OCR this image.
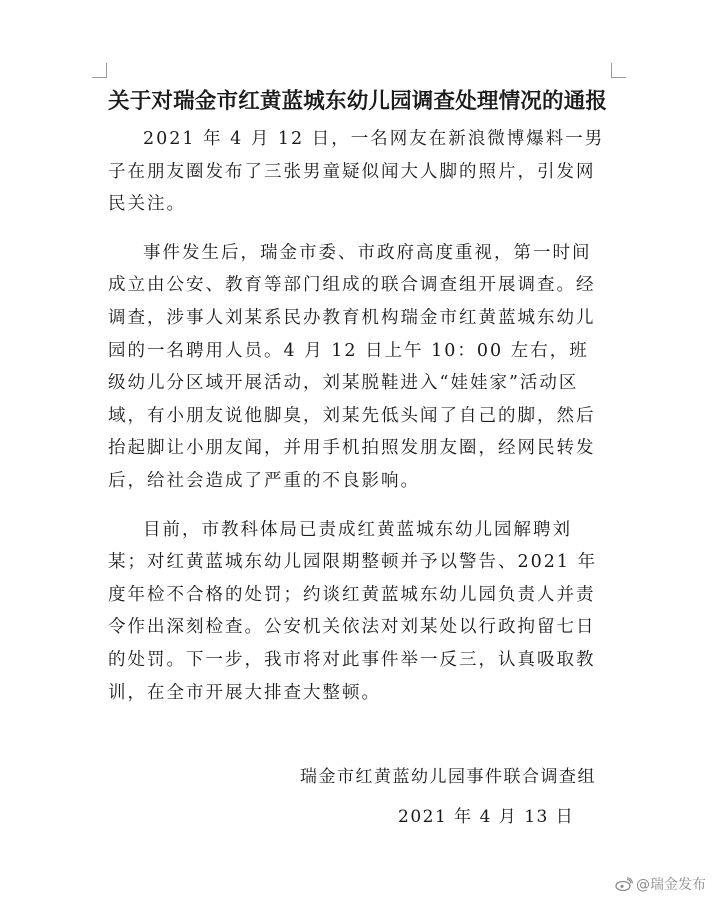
关于对瑞金市红黄蓝城东幼儿园调查处理情况的通报

2021 年 4 月 12 日，一名网友在新浪微博爆料一男子在朋友圈发布了三张男童疑似闻大人脚的照片，引发网民关注。

事件发生后，瑞金市委、市政府高度重视，第一时间成立由公安、教育等部门组成的联合调查组开展调查。经调查，涉事人刘某系民办教育机构瑞金市红黄蓝城东幼儿园的一名聘用人员。4 月 12 日上午 10：00 左右，班级幼儿分区域开展活动，刘某脱鞋进入“娃娃家”活动区域，有小朋友说他脚臭，刘某先低头闻了自己的脚，然后抬起脚让小朋友闻，并用手机拍照发朋友圈，经网民转发后，给社会造成了严重的不良影响。

目前，市教科体局已责成红黄蓝城东幼儿园解聘刘某；对红黄蓝城东幼儿园限期整顿并予以警告、2021 年度年检不合格的处罚；约谈红黄蓝城东幼儿园负责人并责令作出深刻检查。公安机关依法对刘某处以行政拘留七日的处罚。下一步，我市将对此事件举一反三，认真吸取教训，在全市开展大排查大整顿。

瑞金市红黄蓝幼儿园事件联合调查组
2021 年 4 月 13 日
@瑞金发布
